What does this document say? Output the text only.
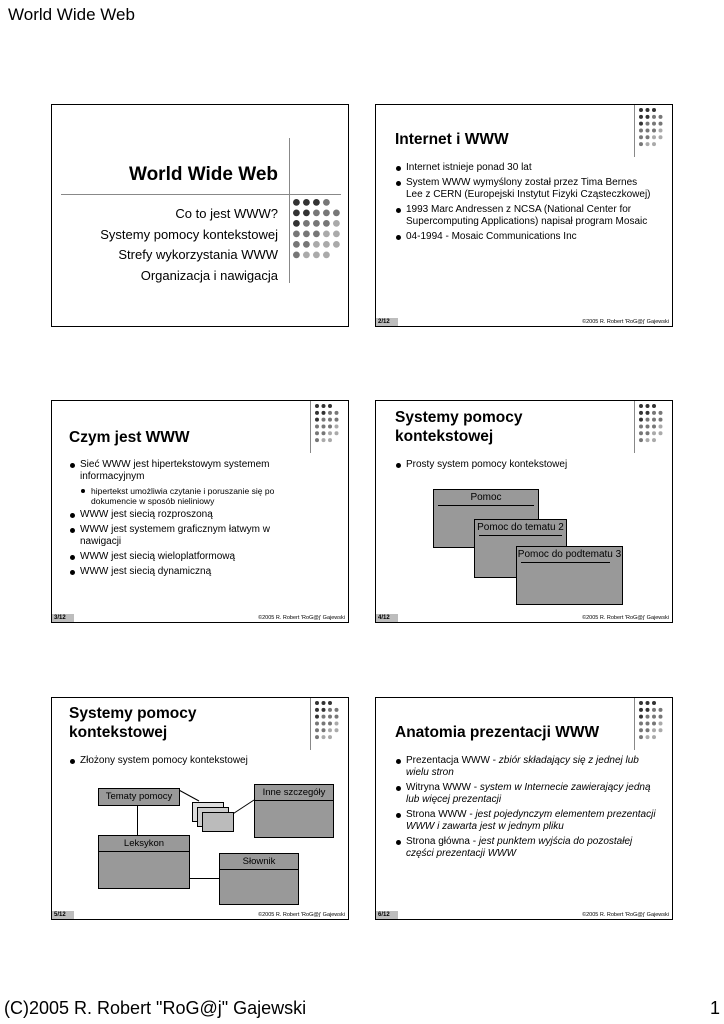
World Wide Web
World Wide Web
Co to jest WWW?
Systemy pomocy kontekstowej
Strefy wykorzystania WWW
Organizacja i nawigacja
Internet i WWW
Internet istnieje ponad 30 lat
System WWW wymyślony został przez Tima Bernes Lee z CERN (Europejski Instytut Fizyki Cząsteczkowej)
1993 Marc Andressen z NCSA (National Center for Supercomputing Applications) napisał program Mosaic
04-1994 - Mosaic Communications Inc
2/12	©2005 R. Robert 'RoG@j' Gajewski
Czym jest WWW
Sieć WWW jest hipertekstowym systemem informacyjnym
hipertekst umożliwia czytanie i poruszanie się po dokumencie w sposób nieliniowy
WWW jest siecią rozproszoną
WWW jest systemem graficznym łatwym w nawigacji
WWW jest siecią wieloplatformową
WWW jest siecią dynamiczną
3/12	©2005 R. Robert 'RoG@j' Gajewski
Systemy pomocy
kontekstowej
Prosty system pomocy kontekstowej
Pomoc
Pomoc do tematu 2
Pomoc do podtematu 3
4/12	©2005 R. Robert 'RoG@j' Gajewski
Systemy pomocy
kontekstowej
Złożony system pomocy kontekstowej
Tematy pomocy	Inne szczegóły
Leksykon
Słownik
5/12	©2005 R. Robert 'RoG@j' Gajewski
Anatomia prezentacji WWW
Prezentacja WWW - zbiór składający się z jednej lub wielu stron
Witryna WWW - system w Internecie zawierający jedną lub więcej prezentacji
Strona WWW - jest pojedynczym elementem prezentacji WWW i zawarta jest w jednym pliku
Strona główna - jest punktem wyjścia do pozostałej części prezentacji WWW
6/12	©2005 R. Robert 'RoG@j' Gajewski
(C)2005 R. Robert "RoG@j" Gajewski	1
